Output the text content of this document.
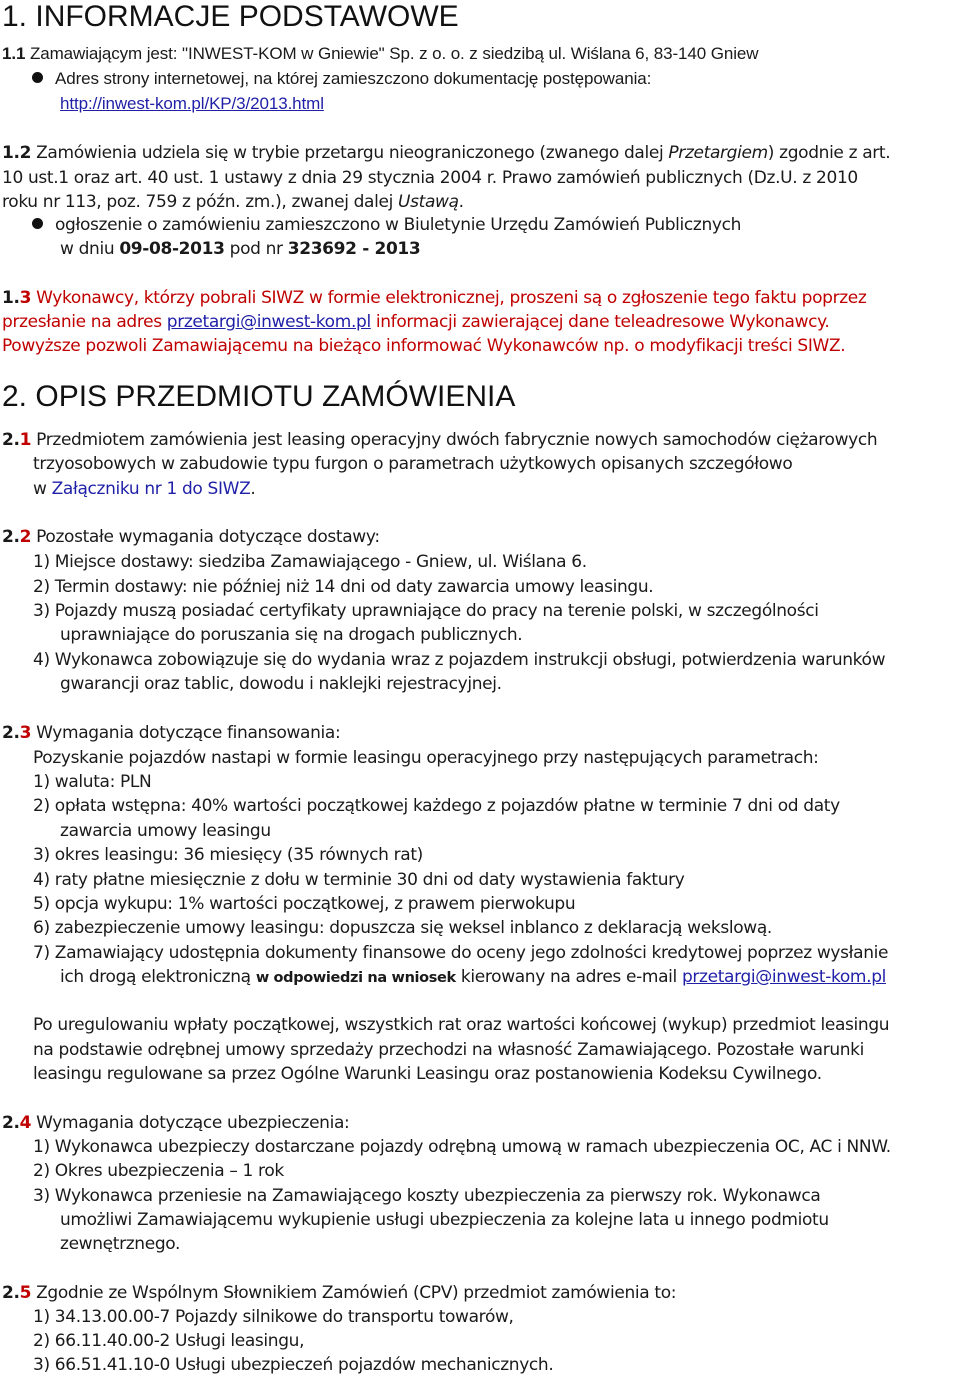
1. INFORMACJE PODSTAWOWE
1.1 Zamawiającym jest: "INWEST-KOM w Gniewie" Sp. z o. o. z siedzibą ul. Wiślana 6, 83-140 Gniew
Adres strony internetowej, na której zamieszczono dokumentację postępowania:
http://inwest-kom.pl/KP/3/2013.html
1.2 Zamówienia udziela się w trybie przetargu nieograniczonego (zwanego dalej Przetargiem) zgodnie z art.
10 ust.1 oraz art. 40 ust. 1 ustawy z dnia 29 stycznia 2004 r. Prawo zamówień publicznych (Dz.U. z 2010
roku nr 113, poz. 759 z późn. zm.), zwanej dalej Ustawą.
ogłoszenie o zamówieniu zamieszczono w Biuletynie Urzędu Zamówień Publicznych
w dniu 09-08-2013 pod nr 323692 - 2013
1.3 Wykonawcy, którzy pobrali SIWZ w formie elektronicznej, proszeni są o zgłoszenie tego faktu poprzez
przesłanie na adres przetargi@inwest-kom.pl informacji zawierającej dane teleadresowe Wykonawcy.
Powyższe pozwoli Zamawiającemu na bieżąco informować Wykonawców np. o modyfikacji treści SIWZ.
2. OPIS PRZEDMIOTU ZAMÓWIENIA
2.1 Przedmiotem zamówienia jest leasing operacyjny dwóch fabrycznie nowych samochodów ciężarowych
trzyosobowych w zabudowie typu furgon o parametrach użytkowych opisanych szczegółowo
w Załączniku nr 1 do SIWZ.
2.2 Pozostałe wymagania dotyczące dostawy:
1) Miejsce dostawy: siedziba Zamawiającego - Gniew, ul. Wiślana 6.
2) Termin dostawy: nie później niż 14 dni od daty zawarcia umowy leasingu.
3) Pojazdy muszą posiadać certyfikaty uprawniające do pracy na terenie polski, w szczególności
uprawniające do poruszania się na drogach publicznych.
4) Wykonawca zobowiązuje się do wydania wraz z pojazdem instrukcji obsługi, potwierdzenia warunków
gwarancji oraz tablic, dowodu i naklejki rejestracyjnej.
2.3 Wymagania dotyczące finansowania:
Pozyskanie pojazdów nastapi w formie leasingu operacyjnego przy następujących parametrach:
1) waluta: PLN
2) opłata wstępna: 40% wartości początkowej każdego z pojazdów płatne w terminie 7 dni od daty
zawarcia umowy leasingu
3) okres leasingu: 36 miesięcy (35 równych rat)
4) raty płatne miesięcznie z dołu w terminie 30 dni od daty wystawienia faktury
5) opcja wykupu: 1% wartości początkowej, z prawem pierwokupu
6) zabezpieczenie umowy leasingu: dopuszcza się weksel inblanco z deklaracją wekslową.
7) Zamawiający udostępnia dokumenty finansowe do oceny jego zdolności kredytowej poprzez wysłanie
ich drogą elektroniczną w odpowiedzi na wniosek kierowany na adres e-mail przetargi@inwest-kom.pl
Po uregulowaniu wpłaty początkowej, wszystkich rat oraz wartości końcowej (wykup) przedmiot leasingu
na podstawie odrębnej umowy sprzedaży przechodzi na własność Zamawiającego. Pozostałe warunki
leasingu regulowane sa przez Ogólne Warunki Leasingu oraz postanowienia Kodeksu Cywilnego.
2.4 Wymagania dotyczące ubezpieczenia:
1) Wykonawca ubezpieczy dostarczane pojazdy odrębną umową w ramach ubezpieczenia OC, AC i NNW.
2) Okres ubezpieczenia – 1 rok
3) Wykonawca przeniesie na Zamawiającego koszty ubezpieczenia za pierwszy rok. Wykonawca
umożliwi Zamawiającemu wykupienie usługi ubezpieczenia za kolejne lata u innego podmiotu
zewnętrznego.
2.5 Zgodnie ze Wspólnym Słownikiem Zamówień (CPV) przedmiot zamówienia to:
1) 34.13.00.00-7 Pojazdy silnikowe do transportu towarów,
2) 66.11.40.00-2 Usługi leasingu,
3) 66.51.41.10-0 Usługi ubezpieczeń pojazdów mechanicznych.
